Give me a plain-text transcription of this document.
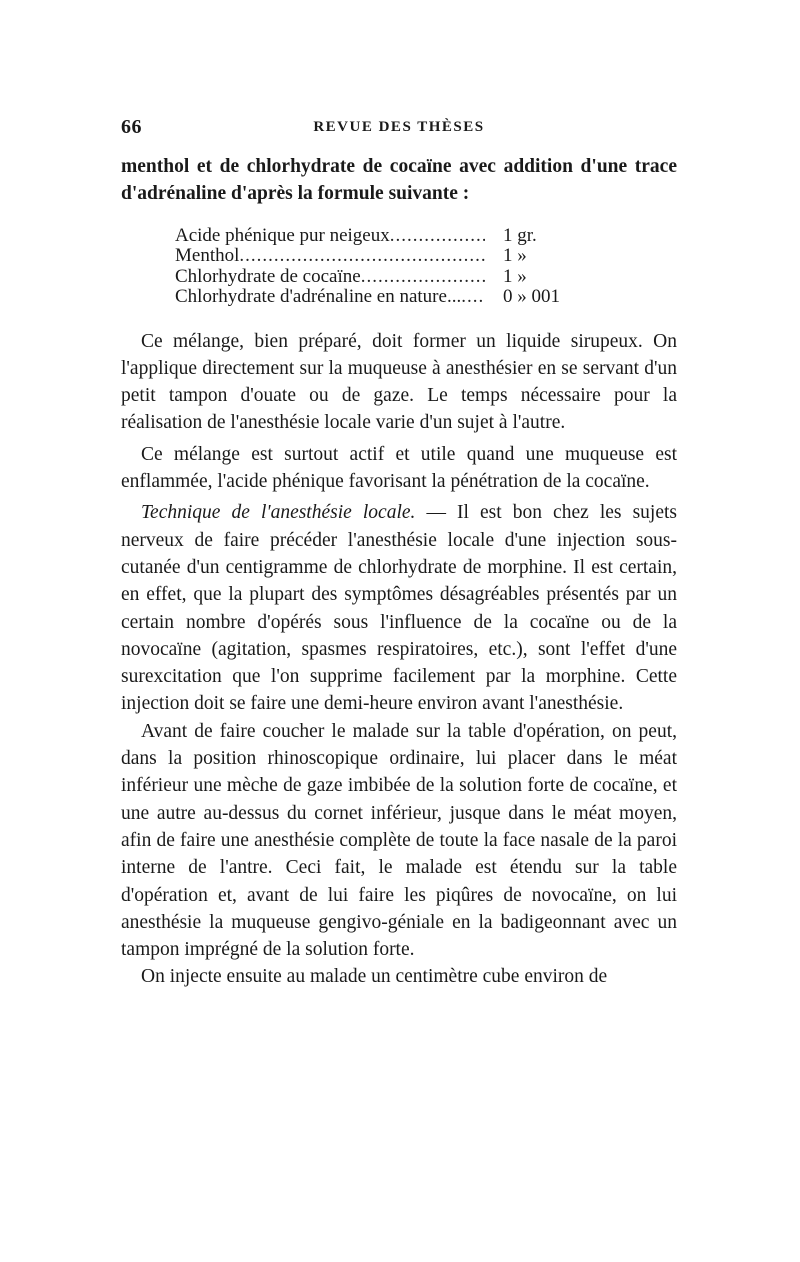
66	REVUE DES THÈSES

menthol et de chlorhydrate de cocaïne avec addition d'une trace d'adrénaline d'après la formule suivante :

Acide phénique pur neigeux .....	1 gr.
Menthol .....	1 »
Chlorhydrate de cocaïne .....	1 »
Chlorhydrate d'adrénaline en nature... ..... 0 » 001

Ce mélange, bien préparé, doit former un liquide sirupeux. On l'applique directement sur la muqueuse à anesthésier en se servant d'un petit tampon d'ouate ou de gaze. Le temps nécessaire pour la réalisation de l'anesthésie locale varie d'un sujet à l'autre.

Ce mélange est surtout actif et utile quand une muqueuse est enflammée, l'acide phénique favorisant la pénétration de la cocaïne.

Technique de l'anesthésie locale. — Il est bon chez les sujets nerveux de faire précéder l'anesthésie locale d'une injection sous-cutanée d'un centigramme de chlorhydrate de morphine. Il est certain, en effet, que la plupart des symptômes désagréables présentés par un certain nombre d'opérés sous l'influence de la cocaïne ou de la novocaïne (agitation, spasmes respiratoires, etc.), sont l'effet d'une surexcitation que l'on supprime facilement par la morphine. Cette injection doit se faire une demi-heure environ avant l'anesthésie.

Avant de faire coucher le malade sur la table d'opération, on peut, dans la position rhinoscopique ordinaire, lui placer dans le méat inférieur une mèche de gaze imbibée de la solution forte de cocaïne, et une autre au-dessus du cornet inférieur, jusque dans le méat moyen, afin de faire une anesthésie complète de toute la face nasale de la paroi interne de l'antre. Ceci fait, le malade est étendu sur la table d'opération et, avant de lui faire les piqûres de novocaïne, on lui anesthésie la muqueuse gengivo-géniale en la badigeonnant avec un tampon imprégné de la solution forte.

On injecte ensuite au malade un centimètre cube environ de
